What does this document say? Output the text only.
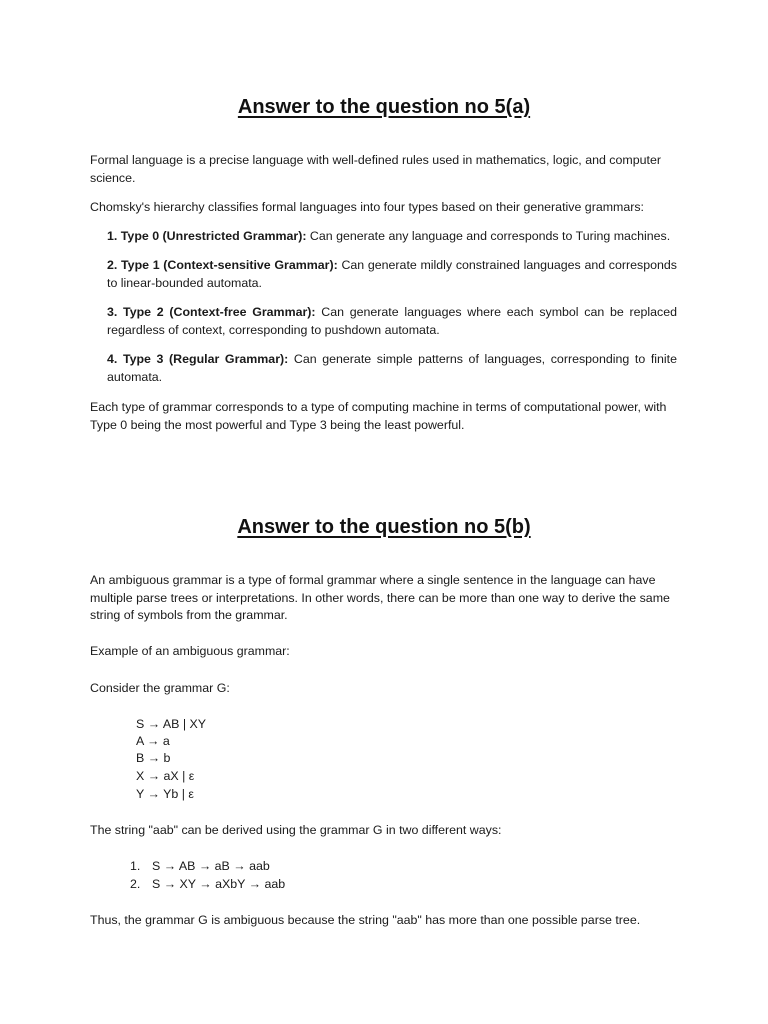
Answer to the question no 5(a)

Formal language is a precise language with well-defined rules used in mathematics, logic, and computer science.

Chomsky's hierarchy classifies formal languages into four types based on their generative grammars:

1. Type 0 (Unrestricted Grammar): Can generate any language and corresponds to Turing machines.

2. Type 1 (Context-sensitive Grammar): Can generate mildly constrained languages and corresponds to linear-bounded automata.

3. Type 2 (Context-free Grammar): Can generate languages where each symbol can be replaced regardless of context, corresponding to pushdown automata.

4. Type 3 (Regular Grammar): Can generate simple patterns of languages, corresponding to finite automata.

Each type of grammar corresponds to a type of computing machine in terms of computational power, with Type 0 being the most powerful and Type 3 being the least powerful.

Answer to the question no 5(b)

An ambiguous grammar is a type of formal grammar where a single sentence in the language can have multiple parse trees or interpretations. In other words, there can be more than one way to derive the same string of symbols from the grammar.

Example of an ambiguous grammar:

Consider the grammar G:

S → AB | XY

A → a

B → b

X → aX | ε

Y → Yb | ε

The string "aab" can be derived using the grammar G in two different ways:

1. S → AB → aB → aab

2. S → XY → aXbY → aab

Thus, the grammar G is ambiguous because the string "aab" has more than one possible parse tree.
